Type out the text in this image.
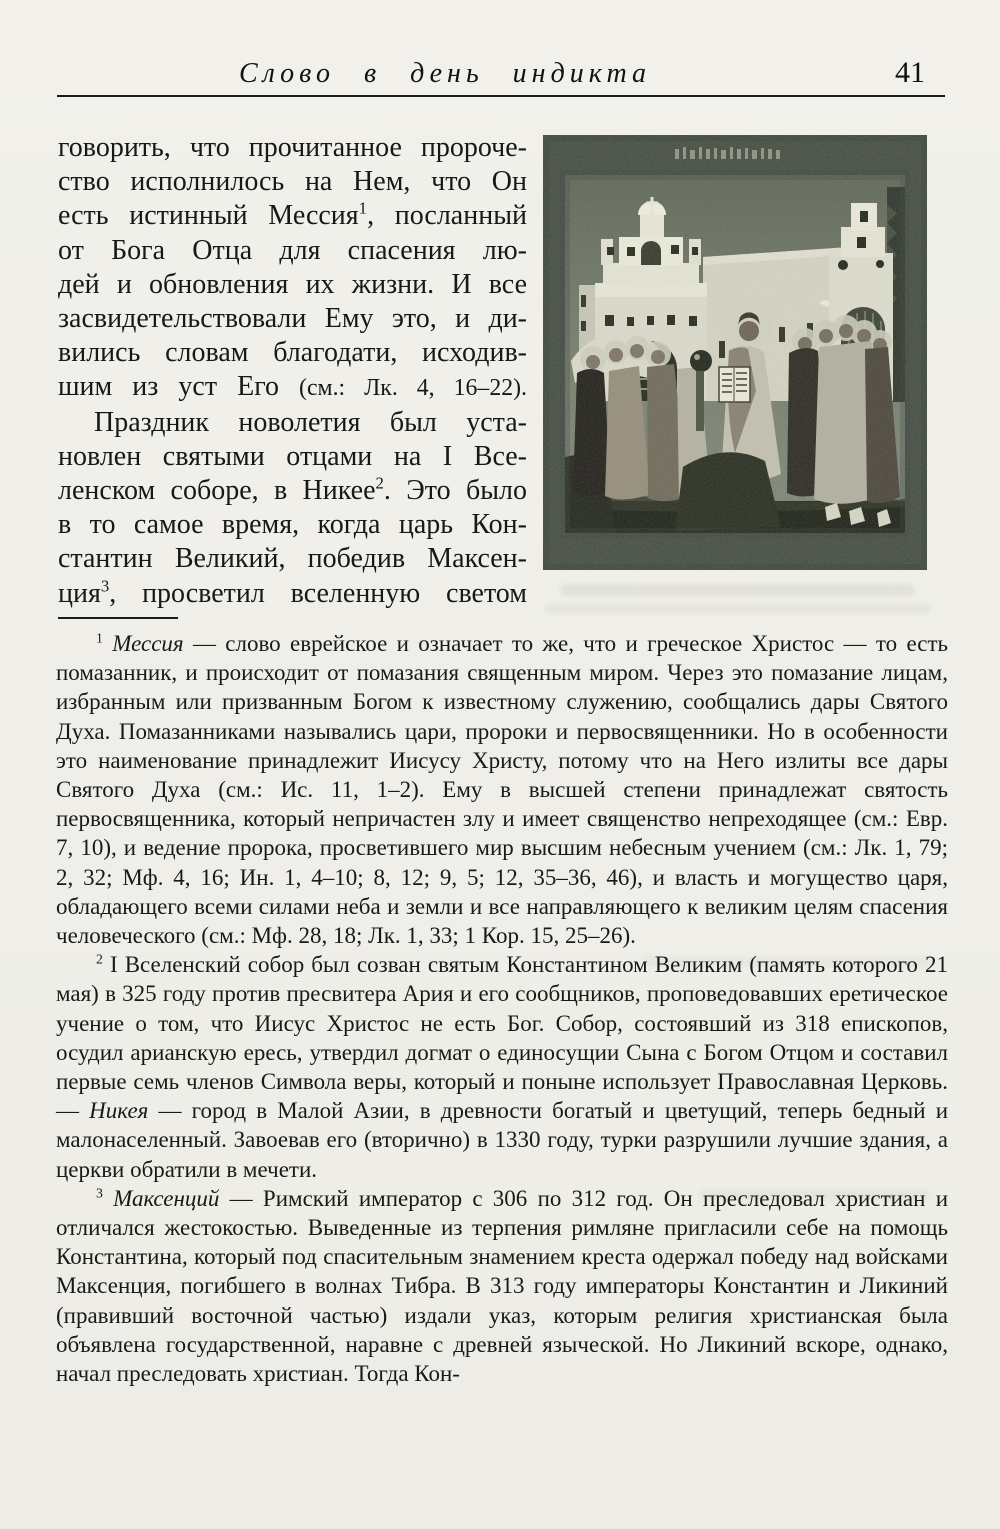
Слово в день индикта	41
говорить, что прочитанное пророче-
ство исполнилось на Нем, что Он
есть истинный Мессия$^1$, посланный
от Бога Отца для спасения лю-
дей и обновления их жизни. И все
засвидетельствовали Ему это, и ди-
вились словам благодати, исходив-
шим из уст Его (см.: Лк. 4, 16–22).
Праздник новолетия был уста-
новлен святыми отцами на I Все-
ленском соборе, в Никее$^2$. Это было
в то самое время, когда царь Кон-
стантин Великий, победив Максен-
ция$^3$, просветил вселенную светом

$^1$ Мессия — слово еврейское и означает то же, что и греческое Христос — то есть помазанник, и происходит от помазания священным миром. Через это помазание лицам, избранным или призванным Богом к известному служению, сообщались дары Святого Духа. Помазанниками назывались цари, пророки и первосвященники. Но в особенности это наименование принадлежит Иисусу Христу, потому что на Него излиты все дары Святого Духа (см.: Ис. 11, 1–2). Ему в высшей степени принадлежат святость первосвященника, который непричастен злу и имеет священство непреходящее (см.: Евр. 7, 10), и ведение пророка, просветившего мир высшим небесным учением (см.: Лк. 1, 79; 2, 32; Мф. 4, 16; Ин. 1, 4–10; 8, 12; 9, 5; 12, 35–36, 46), и власть и могущество царя, обладающего всеми силами неба и земли и все направляющего к великим целям спасения человеческого (см.: Мф. 28, 18; Лк. 1, 33; 1 Кор. 15, 25–26).

$^2$ I Вселенский собор был созван святым Константином Великим (память которого 21 мая) в 325 году против пресвитера Ария и его сообщников, проповедовавших еретическое учение о том, что Иисус Христос не есть Бог. Собор, состоявший из 318 епископов, осудил арианскую ересь, утвердил догмат о единосущии Сына с Богом Отцом и составил первые семь членов Символа веры, который и поныне использует Православная Церковь. — Никея — город в Малой Азии, в древности богатый и цветущий, теперь бедный и малонаселенный. Завоевав его (вторично) в 1330 году, турки разрушили лучшие здания, а церкви обратили в мечети.

$^3$ Максенций — Римский император с 306 по 312 год. Он преследовал христиан и отличался жестокостью. Выведенные из терпения римляне пригласили себе на помощь Константина, который под спасительным знамением креста одержал победу над войсками Максенция, погибшего в волнах Тибра. В 313 году императоры Константин и Ликиний (правивший восточной частью) издали указ, которым религия христианская была объявлена государственной, наравне с древней языческой. Но Ликиний вскоре, однако, начал преследовать христиан. Тогда Кон-
